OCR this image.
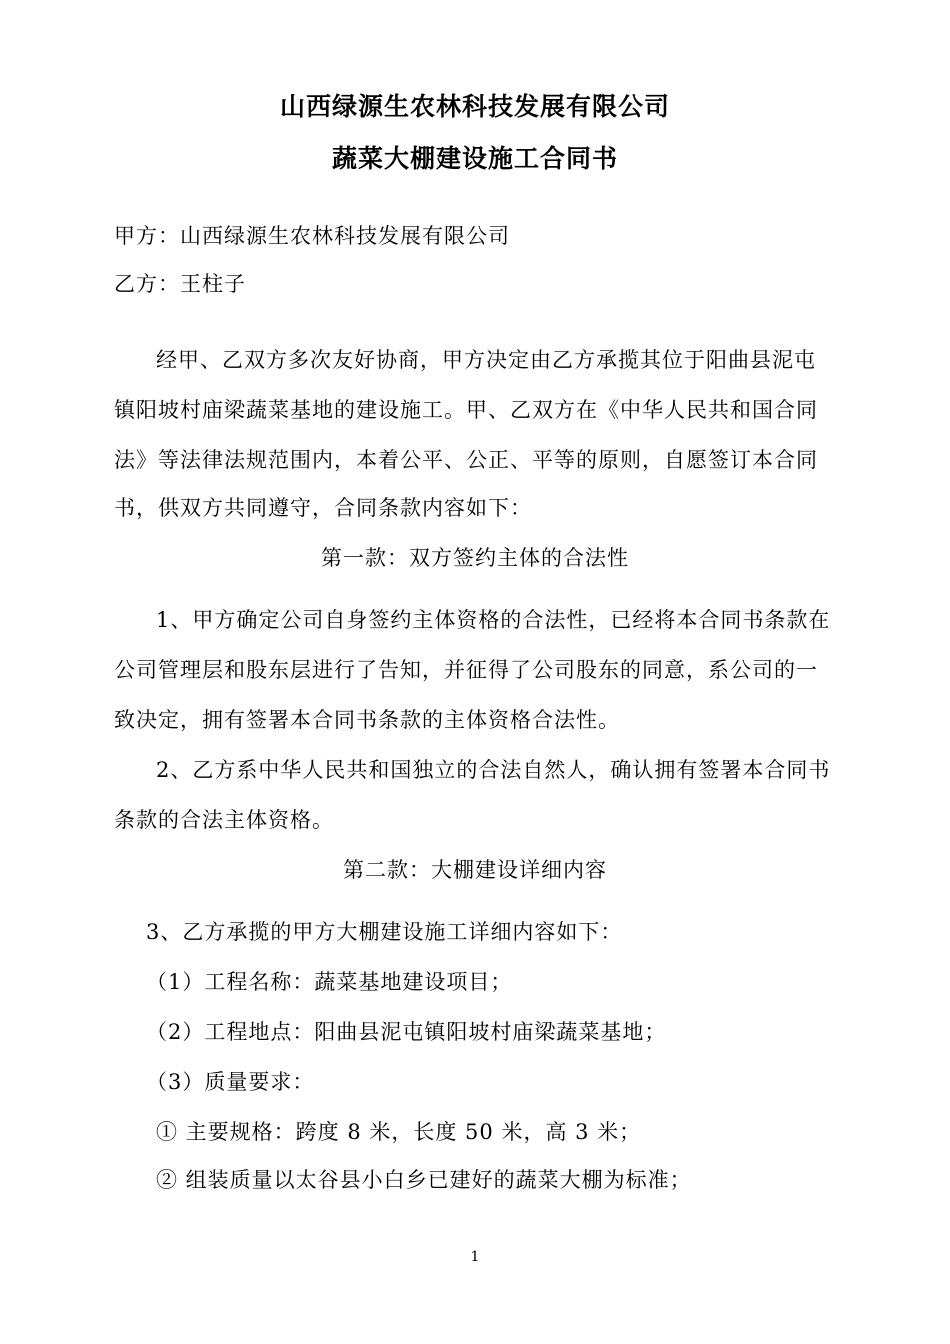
山西绿源生农林科技发展有限公司
蔬菜大棚建设施工合同书
甲方：山西绿源生农林科技发展有限公司
乙方：王柱子
经甲、乙双方多次友好协商，甲方决定由乙方承揽其位于阳曲县泥屯
镇阳坡村庙梁蔬菜基地的建设施工。甲、乙双方在《中华人民共和国合同
法》等法律法规范围内，本着公平、公正、平等的原则，自愿签订本合同
书，供双方共同遵守，合同条款内容如下：
第一款：双方签约主体的合法性
1、甲方确定公司自身签约主体资格的合法性，已经将本合同书条款在
公司管理层和股东层进行了告知，并征得了公司股东的同意，系公司的一
致决定，拥有签署本合同书条款的主体资格合法性。
2、乙方系中华人民共和国独立的合法自然人，确认拥有签署本合同书
条款的合法主体资格。
第二款：大棚建设详细内容
3、乙方承揽的甲方大棚建设施工详细内容如下：
（1）工程名称：蔬菜基地建设项目；
（2）工程地点：阳曲县泥屯镇阳坡村庙梁蔬菜基地；
（3）质量要求：
① 主要规格：跨度 8 米，长度 50 米，高 3 米；
② 组装质量以太谷县小白乡已建好的蔬菜大棚为标准；
1
